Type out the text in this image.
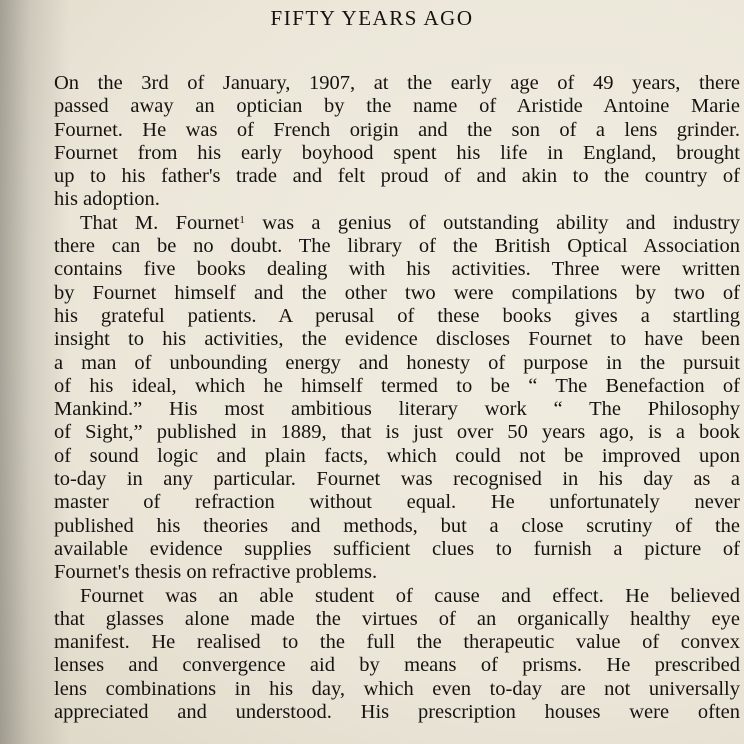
FIFTY YEARS AGO
On the 3rd of January, 1907, at the early age of 49 years, there
passed away an optician by the name of Aristide Antoine Marie
Fournet. He was of French origin and the son of a lens grinder.
Fournet from his early boyhood spent his life in England, brought
up to his father's trade and felt proud of and akin to the country of
his adoption.
That M. Fournet$^1$ was a genius of outstanding ability and industry
there can be no doubt. The library of the British Optical Association
contains five books dealing with his activities. Three were written
by Fournet himself and the other two were compilations by two of
his grateful patients. A perusal of these books gives a startling
insight to his activities, the evidence discloses Fournet to have been
a man of unbounding energy and honesty of purpose in the pursuit
of his ideal, which he himself termed to be “ The Benefaction of
Mankind.” His most ambitious literary work “ The Philosophy
of Sight,” published in 1889, that is just over 50 years ago, is a book
of sound logic and plain facts, which could not be improved upon
to-day in any particular. Fournet was recognised in his day as a
master of refraction without equal. He unfortunately never
published his theories and methods, but a close scrutiny of the
available evidence supplies sufficient clues to furnish a picture of
Fournet's thesis on refractive problems.
Fournet was an able student of cause and effect. He believed
that glasses alone made the virtues of an organically healthy eye
manifest. He realised to the full the therapeutic value of convex
lenses and convergence aid by means of prisms. He prescribed
lens combinations in his day, which even to-day are not universally
appreciated and understood. His prescription houses were often
